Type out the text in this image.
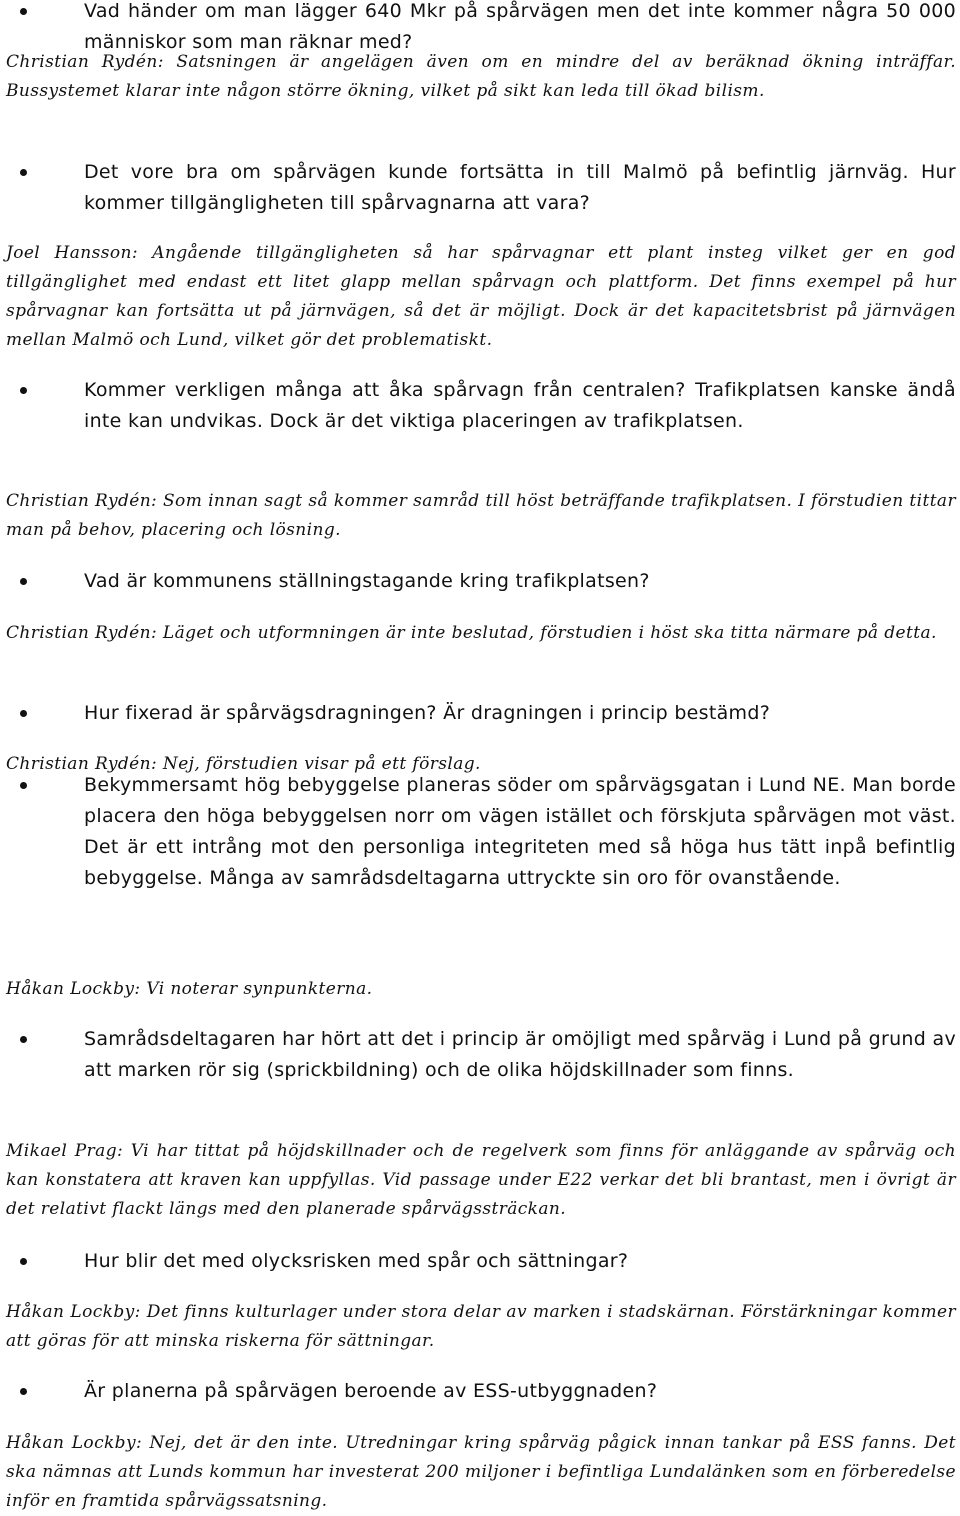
Vad händer om man lägger 640 Mkr på spårvägen men det inte kommer några 50 000 människor som man räknar med?
Christian Rydén: Satsningen är angelägen även om en mindre del av beräknad ökning inträffar. Bussystemet klarar inte någon större ökning, vilket på sikt kan leda till ökad bilism.
Det vore bra om spårvägen kunde fortsätta in till Malmö på befintlig järnväg. Hur kommer tillgängligheten till spårvagnarna att vara?
Joel Hansson: Angående tillgängligheten så har spårvagnar ett plant insteg vilket ger en god tillgänglighet med endast ett litet glapp mellan spårvagn och plattform. Det finns exempel på hur spårvagnar kan fortsätta ut på järnvägen, så det är möjligt. Dock är det kapacitetsbrist på järnvägen mellan Malmö och Lund, vilket gör det problematiskt.
Kommer verkligen många att åka spårvagn från centralen? Trafikplatsen kanske ändå inte kan undvikas. Dock är det viktiga placeringen av trafikplatsen.
Christian Rydén: Som innan sagt så kommer samråd till höst beträffande trafikplatsen. I förstudien tittar man på behov, placering och lösning.
Vad är kommunens ställningstagande kring trafikplatsen?
Christian Rydén: Läget och utformningen är inte beslutad, förstudien i höst ska titta närmare på detta.
Hur fixerad är spårvägsdragningen? Är dragningen i princip bestämd?
Christian Rydén: Nej, förstudien visar på ett förslag.
Bekymmersamt hög bebyggelse planeras söder om spårvägsgatan i Lund NE. Man borde placera den höga bebyggelsen norr om vägen istället och förskjuta spårvägen mot väst. Det är ett intrång mot den personliga integriteten med så höga hus tätt inpå befintlig bebyggelse. Många av samrådsdeltagarna uttryckte sin oro för ovanstående.
Håkan Lockby: Vi noterar synpunkterna.
Samrådsdeltagaren har hört att det i princip är omöjligt med spårväg i Lund på grund av att marken rör sig (sprickbildning) och de olika höjdskillnader som finns.
Mikael Prag: Vi har tittat på höjdskillnader och de regelverk som finns för anläggande av spårväg och kan konstatera att kraven kan uppfyllas. Vid passage under E22 verkar det bli brantast, men i övrigt är det relativt flackt längs med den planerade spårvägssträckan.
Hur blir det med olycksrisken med spår och sättningar?
Håkan Lockby: Det finns kulturlager under stora delar av marken i stadskärnan. Förstärkningar kommer att göras för att minska riskerna för sättningar.
Är planerna på spårvägen beroende av ESS-utbyggnaden?
Håkan Lockby: Nej, det är den inte. Utredningar kring spårväg pågick innan tankar på ESS fanns. Det ska nämnas att Lunds kommun har investerat 200 miljoner i befintliga Lundalänken som en förberedelse inför en framtida spårvägssatsning.
